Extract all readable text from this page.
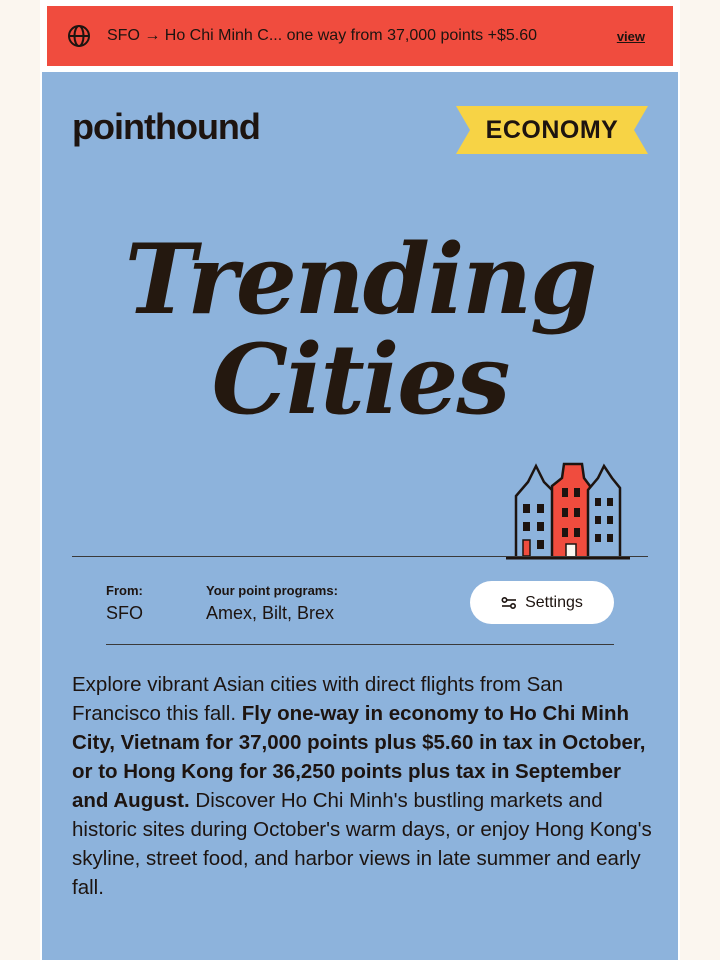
SFO → Ho Chi Minh C... one way from 37,000 points +$5.60	view
pointhound	ECONOMY
Trending
Cities
From:
SFO
Your point programs:
Amex, Bilt, Brex
Settings
Explore vibrant Asian cities with direct flights from San Francisco this fall. Fly one-way in economy to Ho Chi Minh City, Vietnam for 37,000 points plus $5.60 in tax in October, or to Hong Kong for 36,250 points plus tax in September and August. Discover Ho Chi Minh's bustling markets and historic sites during October's warm days, or enjoy Hong Kong's skyline, street food, and harbor views in late summer and early fall.
